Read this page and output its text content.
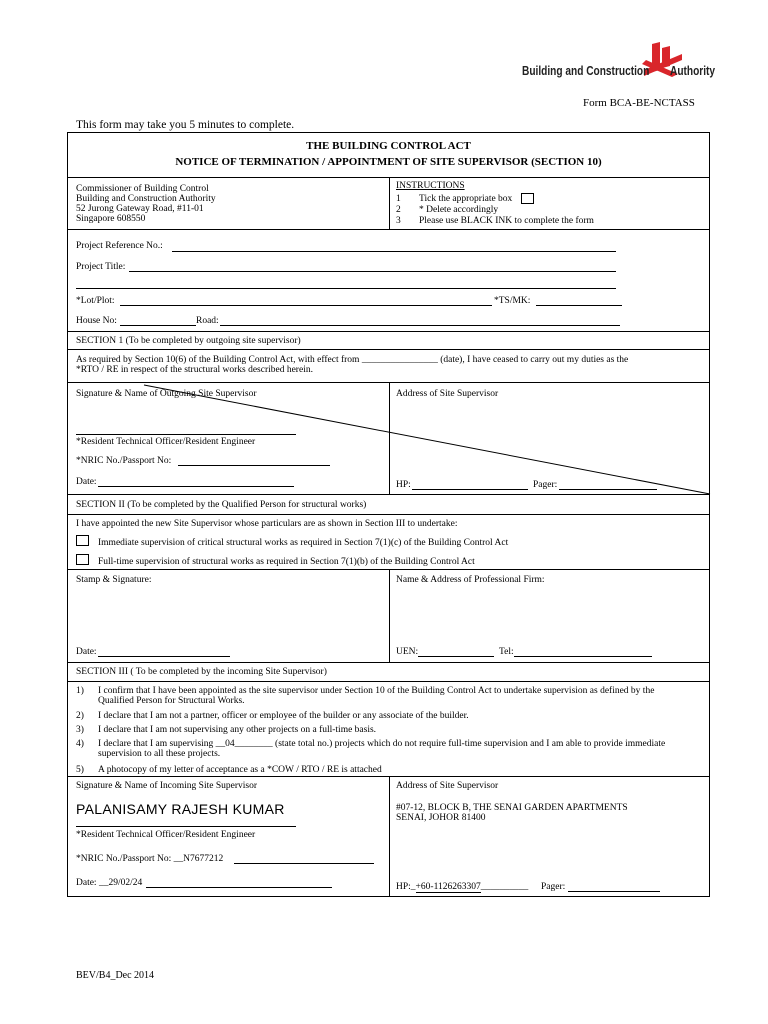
Building and Construction Authority
Form BCA-BE-NCTASS
This form may take you 5 minutes to complete.
THE BUILDING CONTROL ACT
NOTICE OF TERMINATION / APPOINTMENT OF SITE SUPERVISOR (SECTION 10)
Commissioner of Building Control
Building and Construction Authority
52 Jurong Gateway Road, #11-01
Singapore 608550
INSTRUCTIONS
1 Tick the appropriate box
2 * Delete accordingly
3 Please use BLACK INK to complete the form
Project Reference No.:
Project Title:
*Lot/Plot:	*TS/MK:
House No:	Road:
SECTION 1 (To be completed by outgoing site supervisor)
As required by Section 10(6) of the Building Control Act, with effect from ________________ (date), I have ceased to carry out my duties as the
*RTO / RE in respect of the structural works described herein.
Signature & Name of Outgoing Site Supervisor	Address of Site Supervisor
*Resident Technical Officer/Resident Engineer
*NRIC No./Passport No:
Date:	HP:	Pager:
SECTION II (To be completed by the Qualified Person for structural works)
I have appointed the new Site Supervisor whose particulars are as shown in Section III to undertake:
Immediate supervision of critical structural works as required in Section 7(1)(c) of the Building Control Act
Full-time supervision of structural works as required in Section 7(1)(b) of the Building Control Act
Stamp & Signature:	Name & Address of Professional Firm:
Date:	UEN:	Tel:
SECTION III ( To be completed by the incoming Site Supervisor)
1) I confirm that I have been appointed as the site supervisor under Section 10 of the Building Control Act to undertake supervision as defined by the
Qualified Person for Structural Works.
2) I declare that I am not a partner, officer or employee of the builder or any associate of the builder.
3) I declare that I am not supervising any other projects on a full-time basis.
4) I declare that I am supervising __04________ (state total no.) projects which do not require full-time supervision and I am able to provide immediate
supervision to all these projects.
5) A photocopy of my letter of acceptance as a *COW / RTO / RE is attached
Signature & Name of Incoming Site Supervisor	Address of Site Supervisor
PALANISAMY RAJESH KUMAR
*Resident Technical Officer/Resident Engineer
#07-12, BLOCK B, THE SENAI GARDEN APARTMENTS
SENAI, JOHOR 81400
*NRIC No./Passport No: __N7677212
Date: __29/02/24	HP:_+60-1126263307__________ Pager:
BEV/B4_Dec 2014
